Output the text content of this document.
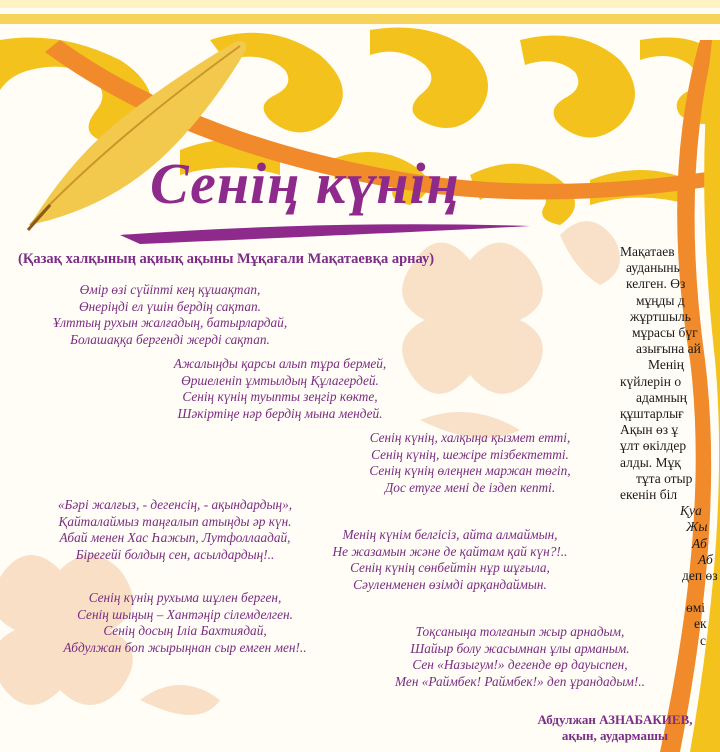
Сенің күнің
(Қазақ халқының ақиық ақыны Мұқағали Мақатаевқа арнау)
Өмір өзі сүйіпті кең құшақтап,
Өнеріңді ел үшін бердің сақтап.
Ұлттың рухын жалғадың, батырлардай,
Болашаққа бергенді жерді сақтап.
Ажалыңды қарсы алып тұра бермей,
Өршеленіп ұмтылдың Құлагердей.
Сенің күнің туыпты зеңгір көкте,
Шәкіртіңе нәр бердің мына мендей.
Сенің күнің, халқыңа қызмет етті,
Сенің күнің, шежіре тізбектетті.
Сенің күнің өлеңнен маржан төгіп,
Дос етуге мені де іздеп кепті.
«Бәрі жалғыз, - дегенсің, - ақындардың»,
Қайталаймыз таңғалып атыңды әр күн.
Абай менен Хас Һажып, Лутфоллаадай,
Бірегейі болдың сен, асылдардың!..
Менің күнім белгісіз, айта алмаймын,
Не жазамын және де қайтам қай күн?!..
Сенің күнің сөнбейтін нұр шұғыла,
Сәуленменен өзімді арқандаймын.
Сенің күнің рухыма шұлен берген,
Сенің шыңың – Хантәңір сілемделген.
Сенің досың Іліа Бахтиядай,
Абдулжан боп жырыңнан сыр емген мен!..
Тоқсаныңа толғанып жыр арнадым,
Шайыр болу жасымнан ұлы арманым.
Сен «Назыгум!» дегенде өр дауыспен,
Мен «Раймбек! Раймбек!» деп ұрандадым!..
Мақатаев
ауданынь
келген. Өз
мұңды д
жұртшыль
мұрасы бүг
азығына ай
Менің
күйлерін о
адамның
құштарлығ
Ақын өз ұ
ұлт өкілдер
алды. Мұқ
тұта отыр
екенін біл
Қуа
Жы
Аб
Аб
деп өз
өмі
ек
с
Абдулжан АЗНАБАКИЕВ,
ақын, аудармашы
